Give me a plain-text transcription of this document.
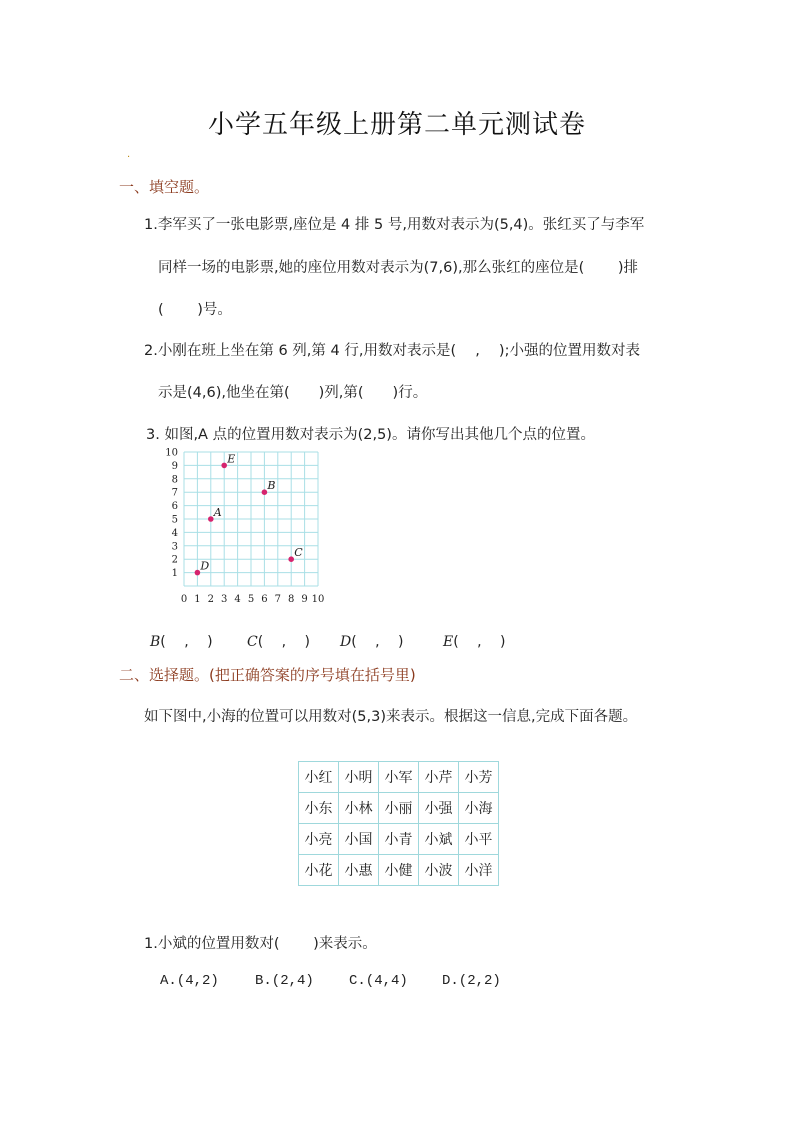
小学五年级上册第二单元测试卷
·
一、填空题。
1.李军买了一张电影票,座位是 4 排 5 号,用数对表示为(5,4)。张红买了与李军
同样一场的电影票,她的座位用数对表示为(7,6),那么张红的座位是(　　 )排
(　　 )号。
2.小刚在班上坐在第 6 列,第 4 行,用数对表示是(　 ,　 );小强的位置用数对表
示是(4,6),他坐在第(　　)列,第(　　)行。
3. 如图,A 点的位置用数对表示为(2,5)。请你写出其他几个点的位置。
0 1 2 3 4 5 6 7 8 9 10
1
2
3
4
5
6
7
8
9
10
A
B
C
D
E
B(　 ,　 ) C(　 ,　 ) D(　 ,　 )	E(　 ,　 )
二、选择题。(把正确答案的序号填在括号里)
如下图中,小海的位置可以用数对(5,3)来表示。根据这一信息,完成下面各题。
小红	小明	小军	小芹	小芳
小东	小林	小丽	小强	小海
小亮	小国	小青	小斌	小平
小花	小惠	小健	小波	小洋
1.小斌的位置用数对(　　 )来表示。
A.(4,2)	B.(2,4)	C.(4,4) D.(2,2)
